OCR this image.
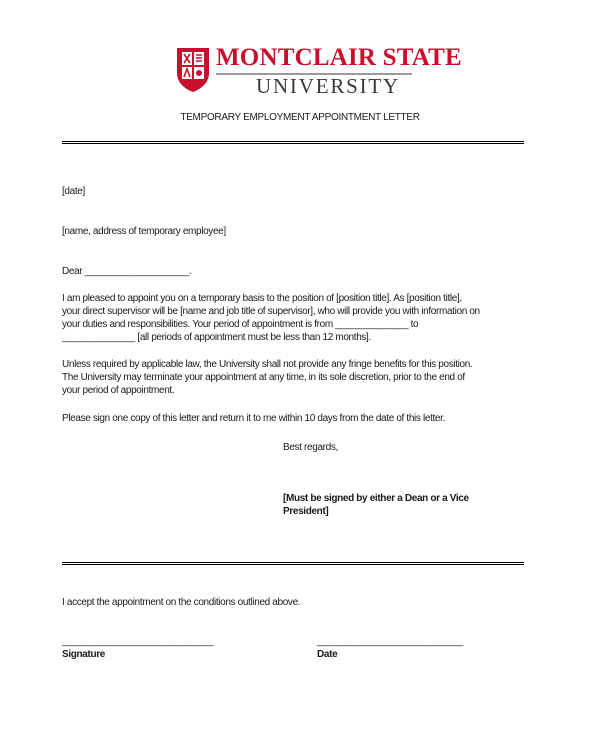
MONTCLAIR STATE
UNIVERSITY
TEMPORARY EMPLOYMENT APPOINTMENT LETTER
[date]
[name, address of temporary employee]
Dear ____________________.
I am pleased to appoint you on a temporary basis to the position of [position title]. As [position title],
your direct supervisor will be [name and job title of supervisor], who will provide you with information on
your duties and responsibilities. Your period of appointment is from ______________ to
______________ [all periods of appointment must be less than 12 months].
Unless required by applicable law, the University shall not provide any fringe benefits for this position.
The University may terminate your appointment at any time, in its sole discretion, prior to the end of
your period of appointment.
Please sign one copy of this letter and return it to me within 10 days from the date of this letter.
Best regards,
[Must be signed by either a Dean or a Vice
President]
I accept the appointment on the conditions outlined above.
_____________________________
Signature
____________________________
Date
